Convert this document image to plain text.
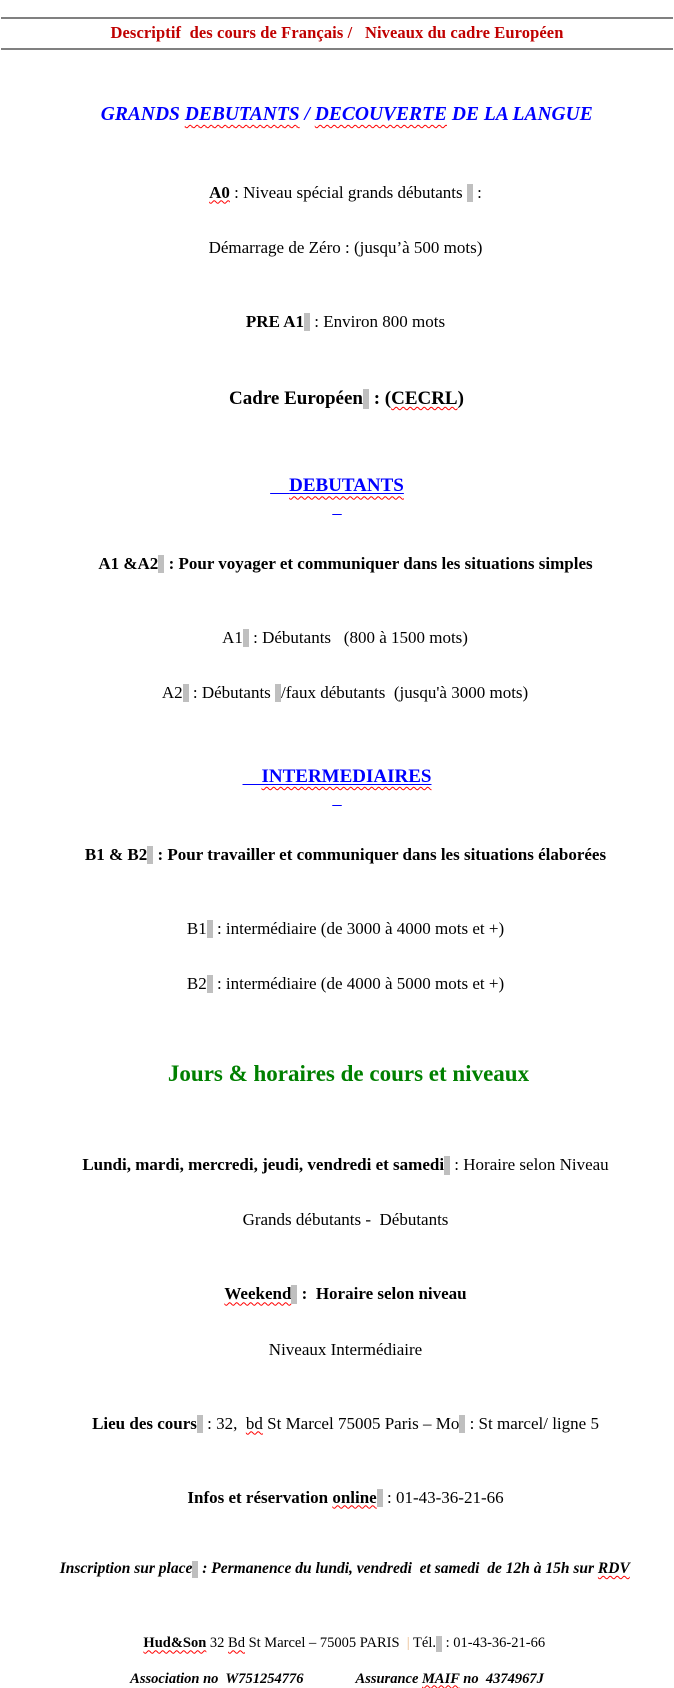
Descriptif  des cours de Français /   Niveaux du cadre Européen

GRANDS DEBUTANTS / DECOUVERTE DE LA LANGUE

A0 : Niveau spécial grands débutants   :

Démarrage de Zéro : (jusqu’à 500 mots)

PRE A1  : Environ 800 mots

Cadre Européen  : (CECRL)

DEBUTANTS

A1 &A2  : Pour voyager et communiquer dans les situations simples

A1  : Débutants   (800 à 1500 mots)

A2  : Débutants  /faux débutants  (jusqu'à 3000 mots)

INTERMEDIAIRES

B1 & B2  : Pour travailler et communiquer dans les situations élaborées

B1  : intermédiaire (de 3000 à 4000 mots et +)

B2  : intermédiaire (de 4000 à 5000 mots et +)

Jours & horaires de cours et niveaux

Lundi, mardi, mercredi, jeudi, vendredi et samedi  : Horaire selon Niveau

Grands débutants -  Débutants

Weekend  :  Horaire selon niveau

Niveaux Intermédiaire

Lieu des cours  : 32,  bd St Marcel 75005 Paris – Mo  : St marcel/ ligne 5

Infos et réservation online  : 01-43-36-21-66

Inscription sur place  : Permanence du lundi, vendredi  et samedi  de 12h à 15h sur RDV

Hud&Son 32 Bd St Marcel – 75005 PARIS  | Tél.  : 01-43-36-21-66

Association no  W751254776	Assurance MAIF no  4374967J
